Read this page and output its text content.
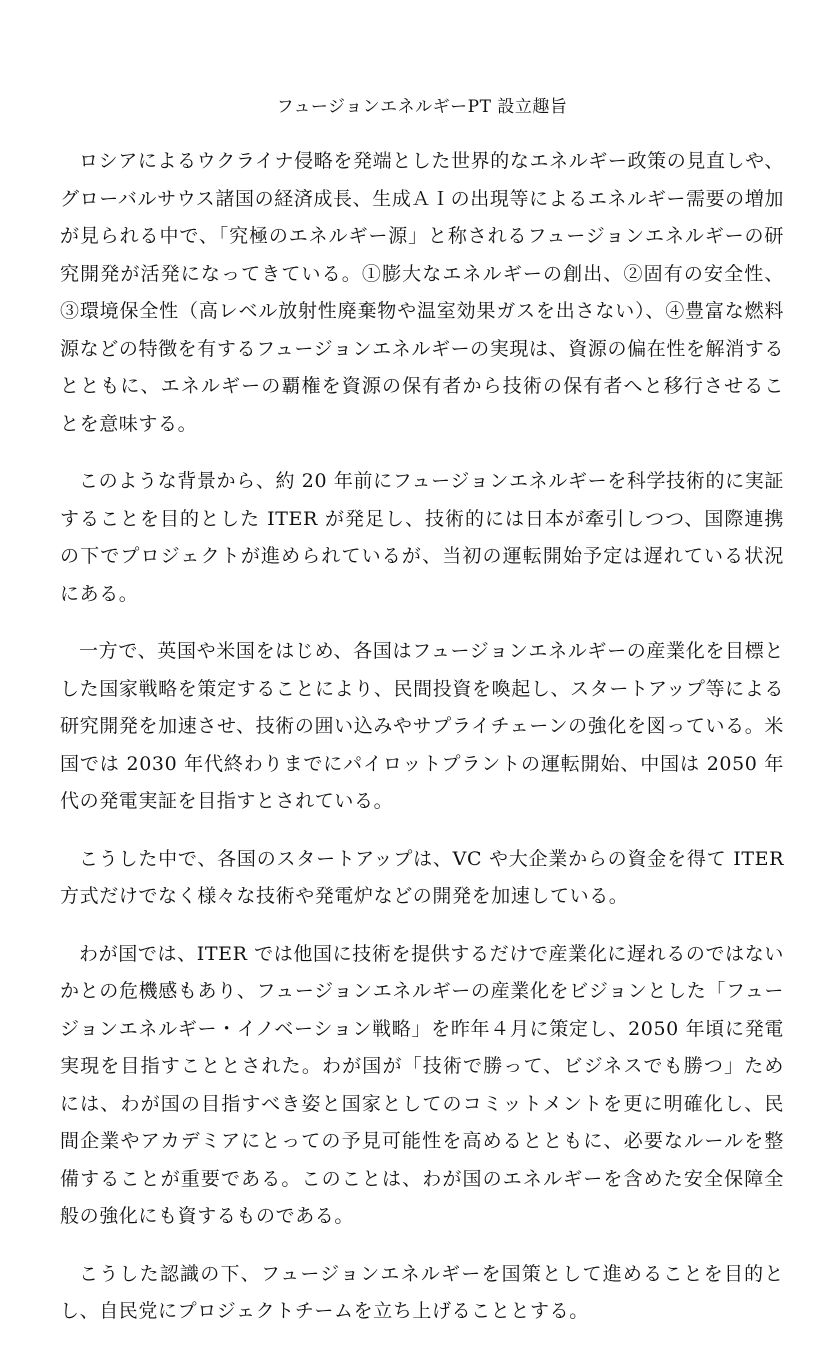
フュージョンエネルギーPT 設立趣旨

ロシアによるウクライナ侵略を発端とした世界的なエネルギー政策の見直しや、グローバルサウス諸国の経済成長、生成ＡＩの出現等によるエネルギー需要の増加が見られる中で、「究極のエネルギー源」と称されるフュージョンエネルギーの研究開発が活発になってきている。①膨大なエネルギーの創出、②固有の安全性、③環境保全性（高レベル放射性廃棄物や温室効果ガスを出さない）、④豊富な燃料源などの特徴を有するフュージョンエネルギーの実現は、資源の偏在性を解消するとともに、エネルギーの覇権を資源の保有者から技術の保有者へと移行させることを意味する。

このような背景から、約 20 年前にフュージョンエネルギーを科学技術的に実証することを目的とした ITER が発足し、技術的には日本が牽引しつつ、国際連携の下でプロジェクトが進められているが、当初の運転開始予定は遅れている状況にある。

一方で、英国や米国をはじめ、各国はフュージョンエネルギーの産業化を目標とした国家戦略を策定することにより、民間投資を喚起し、スタートアップ等による研究開発を加速させ、技術の囲い込みやサプライチェーンの強化を図っている。米国では 2030 年代終わりまでにパイロットプラントの運転開始、中国は 2050 年代の発電実証を目指すとされている。

こうした中で、各国のスタートアップは、VC や大企業からの資金を得て ITER 方式だけでなく様々な技術や発電炉などの開発を加速している。

わが国では、ITER では他国に技術を提供するだけで産業化に遅れるのではないかとの危機感もあり、フュージョンエネルギーの産業化をビジョンとした「フュージョンエネルギー・イノベーション戦略」を昨年４月に策定し、2050 年頃に発電実現を目指すこととされた。わが国が「技術で勝って、ビジネスでも勝つ」ためには、わが国の目指すべき姿と国家としてのコミットメントを更に明確化し、民間企業やアカデミアにとっての予見可能性を高めるとともに、必要なルールを整備することが重要である。このことは、わが国のエネルギーを含めた安全保障全般の強化にも資するものである。

こうした認識の下、フュージョンエネルギーを国策として進めることを目的とし、自民党にプロジェクトチームを立ち上げることとする。
